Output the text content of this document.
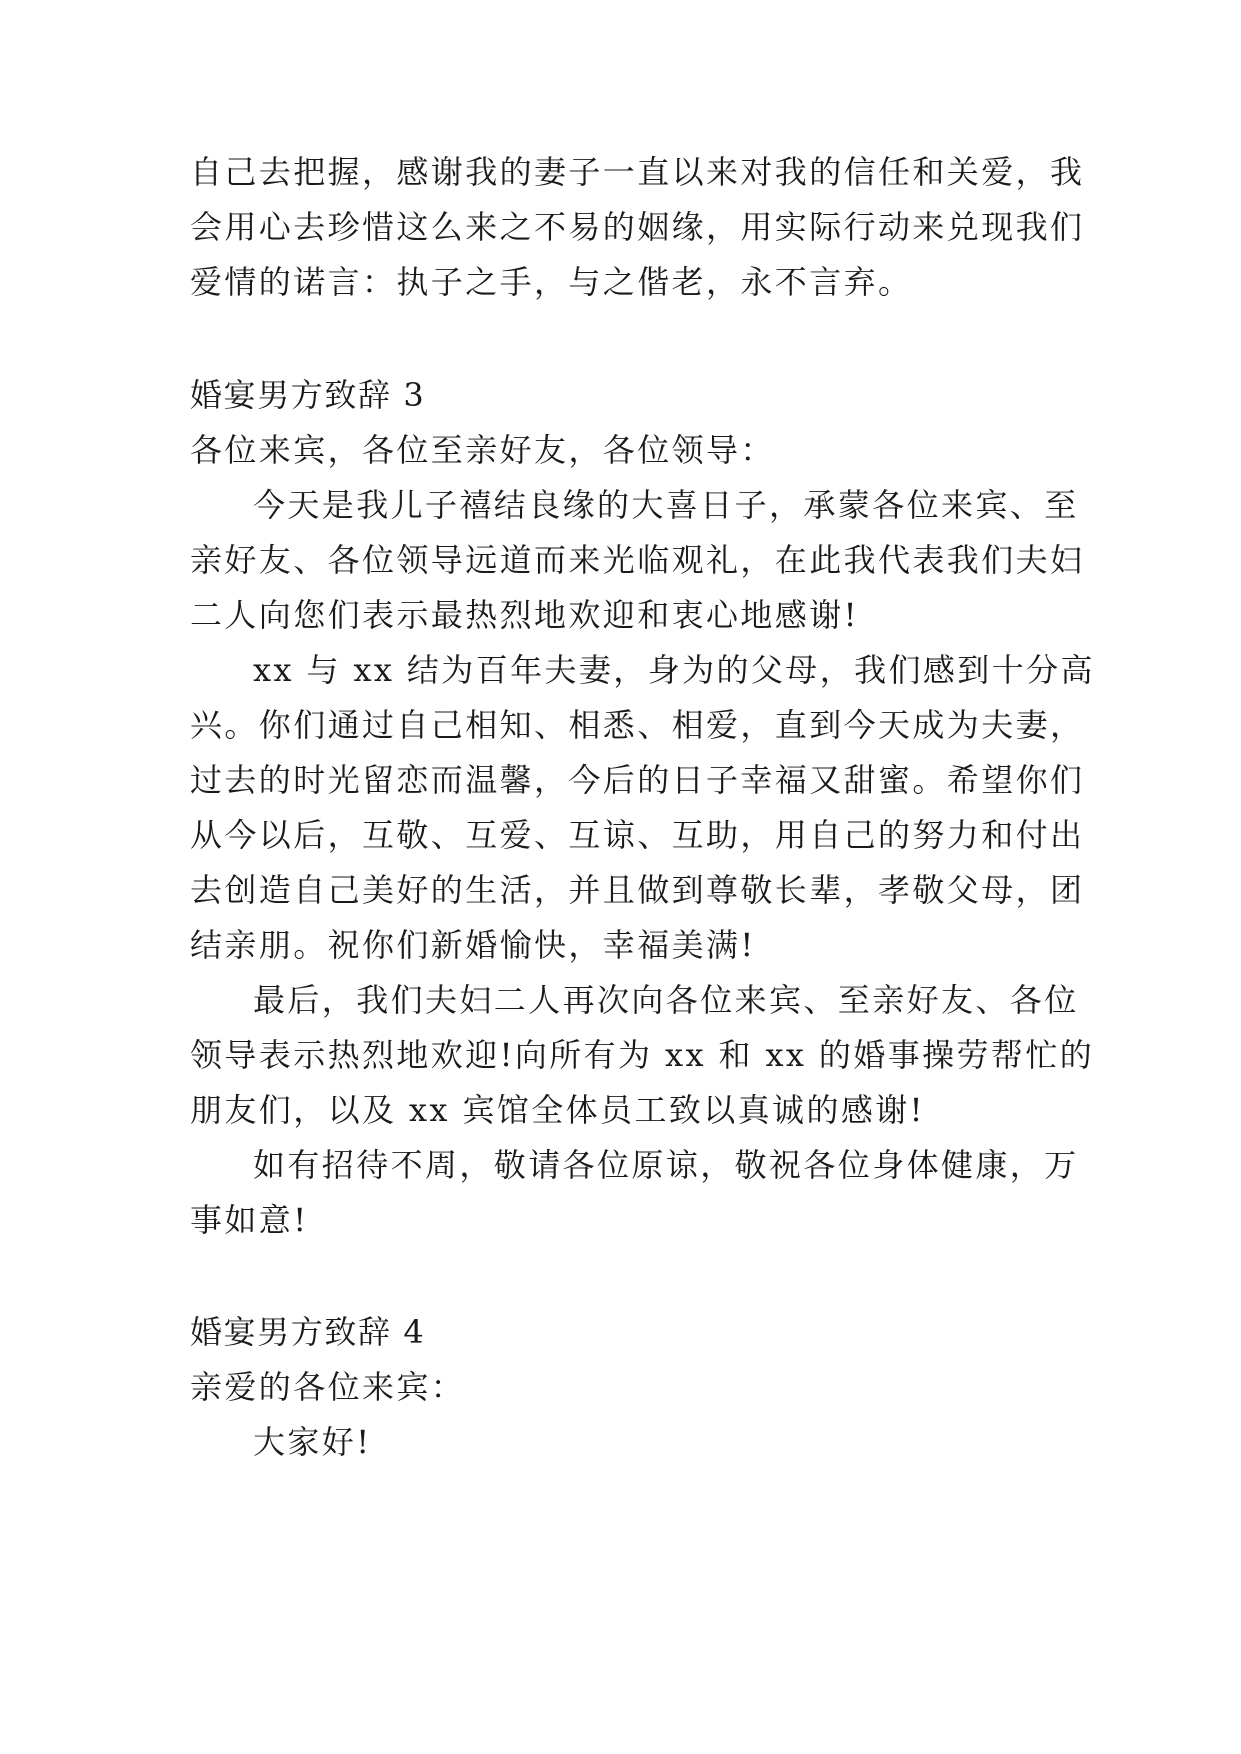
自己去把握，感谢我的妻子一直以来对我的信任和关爱，我
会用心去珍惜这么来之不易的姻缘，用实际行动来兑现我们
爱情的诺言：执子之手，与之偕老，永不言弃。
婚宴男方致辞 3
各位来宾，各位至亲好友，各位领导：
今天是我儿子禧结良缘的大喜日子，承蒙各位来宾、至
亲好友、各位领导远道而来光临观礼，在此我代表我们夫妇
二人向您们表示最热烈地欢迎和衷心地感谢!
xx 与 xx 结为百年夫妻，身为的父母，我们感到十分高
兴。你们通过自己相知、相悉、相爱，直到今天成为夫妻，
过去的时光留恋而温馨，今后的日子幸福又甜蜜。希望你们
从今以后，互敬、互爱、互谅、互助，用自己的努力和付出
去创造自己美好的生活，并且做到尊敬长辈，孝敬父母，团
结亲朋。祝你们新婚愉快，幸福美满!
最后，我们夫妇二人再次向各位来宾、至亲好友、各位
领导表示热烈地欢迎!向所有为 xx 和 xx 的婚事操劳帮忙的
朋友们，以及 xx 宾馆全体员工致以真诚的感谢!
如有招待不周，敬请各位原谅，敬祝各位身体健康，万
事如意!
婚宴男方致辞 4
亲爱的各位来宾：
大家好!
